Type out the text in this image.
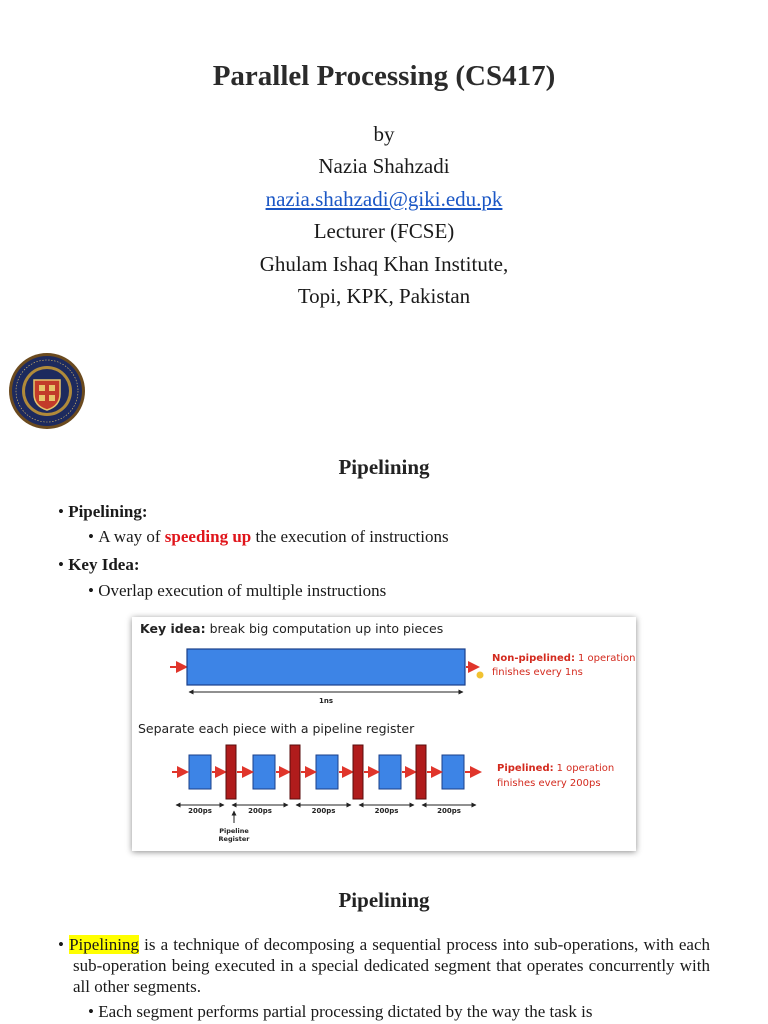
Parallel Processing (CS417)
by
Nazia Shahzadi
nazia.shahzadi@giki.edu.pk
Lecturer (FCSE)
Ghulam Ishaq Khan Institute,
Topi, KPK, Pakistan
Pipelining
• Pipelining:
• A way of speeding up the execution of instructions
• Key Idea:
• Overlap execution of multiple instructions
Key idea: break big computation up into pieces
1ns
Non-pipelined: 1 operation
finishes every 1ns
Separate each piece with a pipeline register
200ps	200ps	200ps	200ps	200ps
Pipelined: 1 operation
finishes every 200ps
Pipeline
Register
Pipelining
• Pipelining is a technique of decomposing a sequential process into sub-operations, with each sub-operation being executed in a special dedicated segment that operates concurrently with all other segments.
• Each segment performs partial processing dictated by the way the task is
